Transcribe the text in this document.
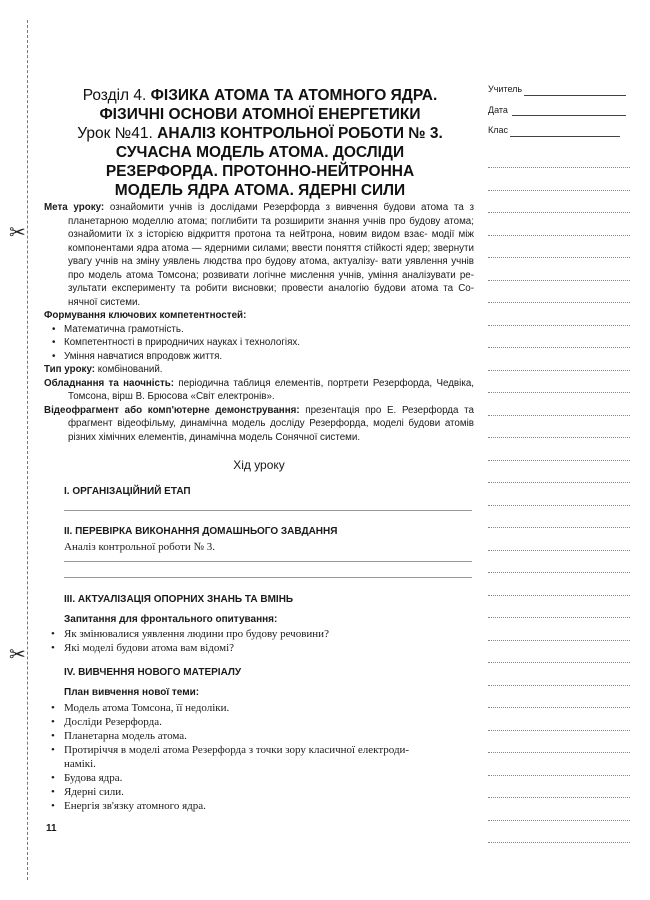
✂
✂
Розділ 4. ФІЗИКА АТОМА ТА АТОМНОГО ЯДРА.
ФІЗИЧНІ ОСНОВИ АТОМНОЇ ЕНЕРГЕТИКИ
Урок №41. АНАЛІЗ КОНТРОЛЬНОЇ РОБОТИ № 3.
СУЧАСНА МОДЕЛЬ АТОМА. ДОСЛІДИ
РЕЗЕРФОРДА. ПРОТОННО-НЕЙТРОННА
МОДЕЛЬ ЯДРА АТОМА. ЯДЕРНІ СИЛИ
Учитель
Дата
Клас

Мета уроку: ознайомити учнів із дослідами Резерфорда з вивчення будови атома та з планетарною моделлю атома; поглибити та розширити знання учнів про будову атома; ознайомити їх з історією відкриття протона та нейтрона, новим видом взає- модії між компонентами ядра атома — ядерними силами; ввести поняття стійкості ядер; звернути увагу учнів на зміну уявлень людства про будову атома, актуалізу- вати уявлення учнів про модель атома Томсона; розвивати логічне мислення учнів, уміння аналізувати ре- зультати експерименту та робити висновки; провести аналогію будови атома та Со- нячної системи.

Формування ключових компетентностей:

• Математична грамотність.
• Компетентності в природничих науках і технологіях.
• Уміння навчатися впродовж життя.

Тип уроку: комбінований.

Обладнання та наочність: періодична таблиця елементів, портрети Резерфорда, Чедвіка, Томсона, вірш В. Брюсова «Світ електронів».

Відеофрагмент або комп'ютерне демонстрування: презентація про Е. Резерфорда та фрагмент відеофільму, динамічна модель досліду Резерфорда, моделі будови атомів різних хімічних елементів, динамічна модель Сонячної системи.

Хід уроку
І. ОРГАНІЗАЦІЙНИЙ ЕТАП
ІІ. ПЕРЕВІРКА ВИКОНАННЯ ДОМАШНЬОГО ЗАВДАННЯ
Аналіз контрольної роботи № 3.
ІІІ. АКТУАЛІЗАЦІЯ ОПОРНИХ ЗНАНЬ ТА ВМІНЬ
Запитання для фронтального опитування:
• Як змінювалися уявлення людини про будову речовини?
• Які моделі будови атома вам відомі?
IV. ВИВЧЕННЯ НОВОГО МАТЕРІАЛУ
План вивчення нової теми:
• Модель атома Томсона, її недоліки.
• Досліди Резерфорда.
• Планетарна модель атома.
• Протиріччя в моделі атома Резерфорда з точки зору класичної електроди-
намікі.
• Будова ядра.
• Ядерні сили.
• Енергія зв'язку атомного ядра.
11
